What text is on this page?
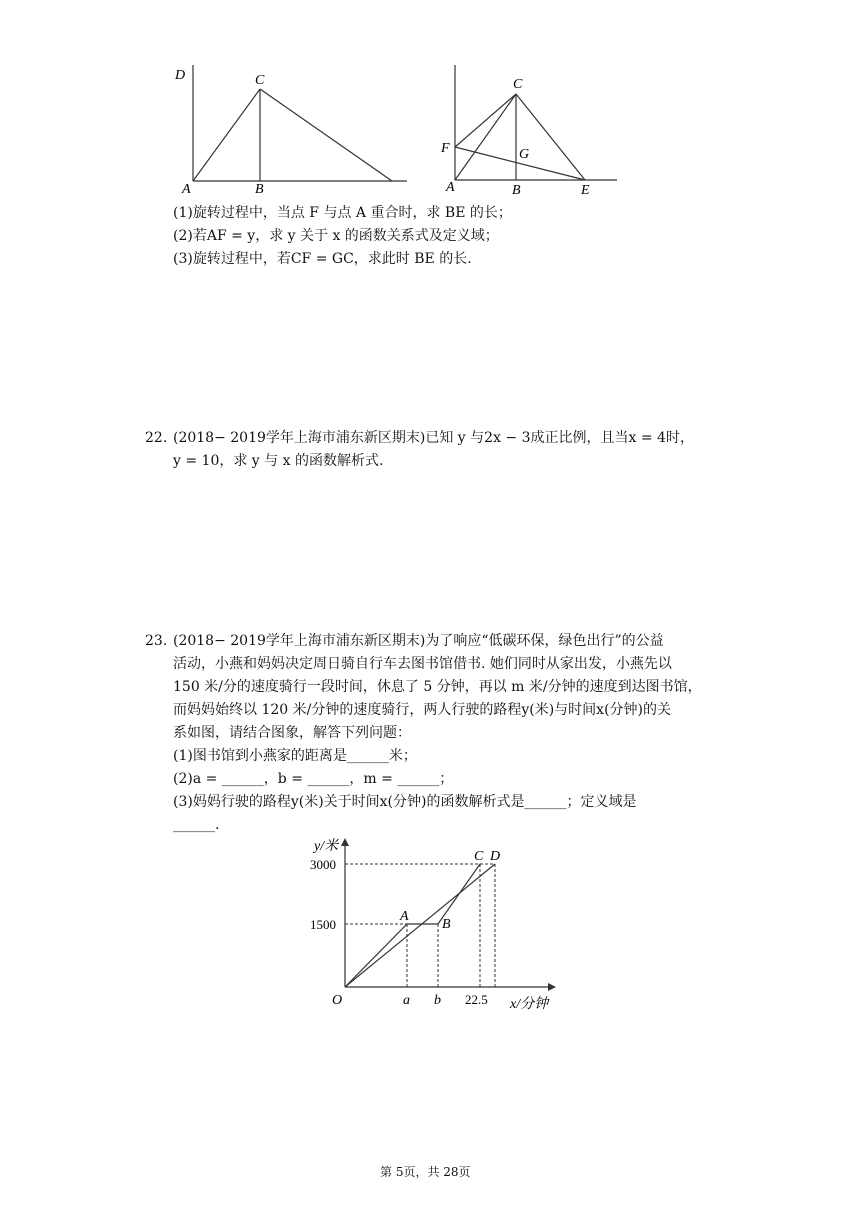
D	C
A	B
C
F	G
A	B	E
(1)旋转过程中，当点 F 与点 A 重合时，求 BE 的长；
(2)若AF = y，求 y 关于 x 的函数关系式及定义域；
(3)旋转过程中，若CF = GC，求此时 BE 的长.
22. (2018− 2019学年上海市浦东新区期末)已知 y 与2x − 3成正比例，且当x = 4时，
y = 10，求 y 与 x 的函数解析式.
23. (2018− 2019学年上海市浦东新区期末)为了响应“低碳环保，绿色出行”的公益
活动，小燕和妈妈决定周日骑自行车去图书馆借书. 她们同时从家出发，小燕先以
150 米/分的速度骑行一段时间，休息了 5 分钟，再以 m 米/分钟的速度到达图书馆，
而妈妈始终以 120 米/分钟的速度骑行，两人行驶的路程y(米)与时间x(分钟)的关
系如图，请结合图象，解答下列问题：
(1)图书馆到小燕家的距离是______米；
(2)a = ______，b = ______，m = ______；
(3)妈妈行驶的路程y(米)关于时间x(分钟)的函数解析式是______；定义域是
______.
y/米
3000
1500
O	a b 22.5 x/分钟
A
B
C D
第 5页，共 28页
